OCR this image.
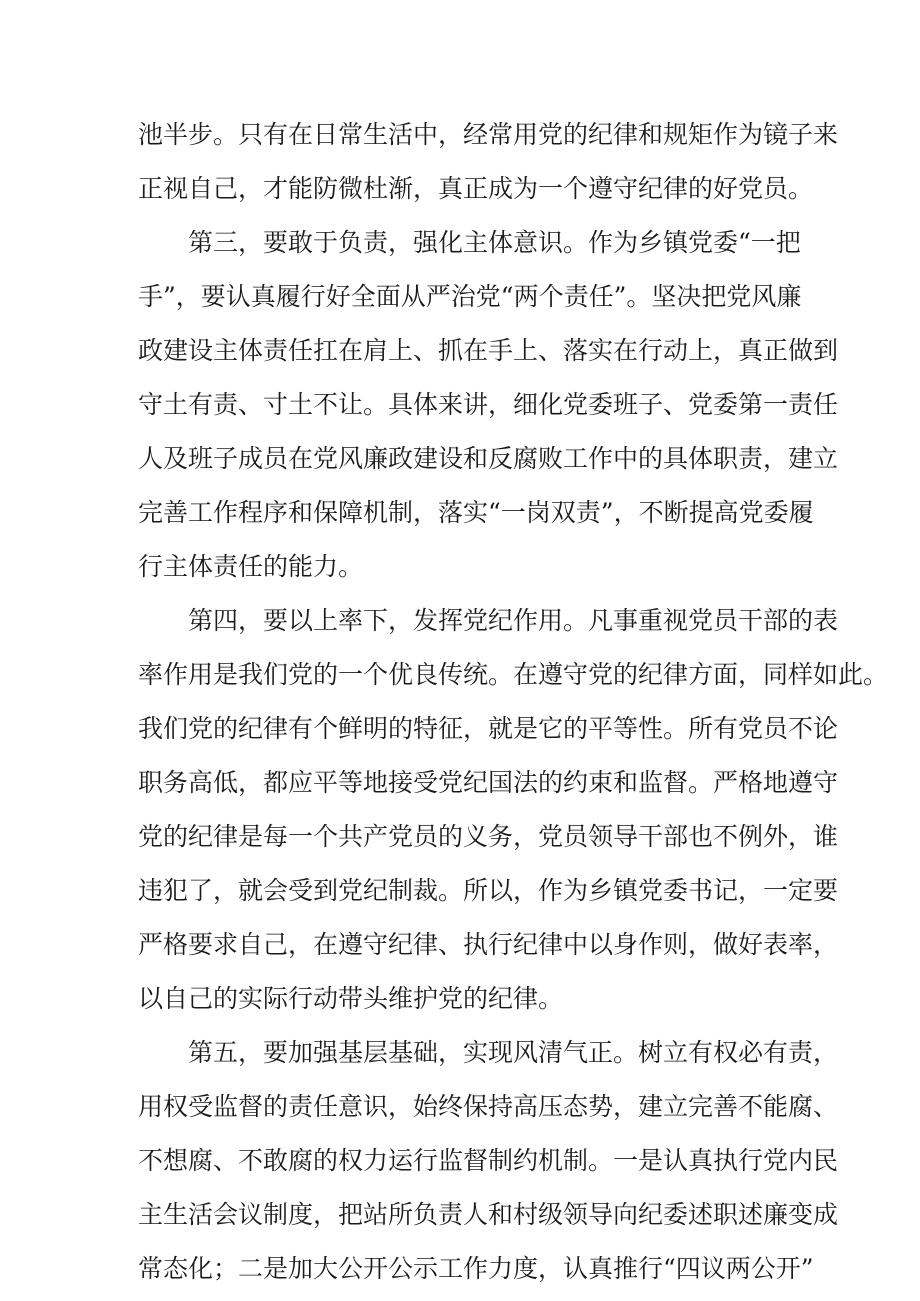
池半步。只有在日常生活中，经常用党的纪律和规矩作为镜子来
正视自己，才能防微杜渐，真正成为一个遵守纪律的好党员。
第三，要敢于负责，强化主体意识。作为乡镇党委“一把
手”，要认真履行好全面从严治党“两个责任”。坚决把党风廉
政建设主体责任扛在肩上、抓在手上、落实在行动上，真正做到
守土有责、寸土不让。具体来讲，细化党委班子、党委第一责任
人及班子成员在党风廉政建设和反腐败工作中的具体职责，建立
完善工作程序和保障机制，落实“一岗双责”，不断提高党委履
行主体责任的能力。
第四，要以上率下，发挥党纪作用。凡事重视党员干部的表
率作用是我们党的一个优良传统。在遵守党的纪律方面，同样如此。
我们党的纪律有个鲜明的特征，就是它的平等性。所有党员不论
职务高低，都应平等地接受党纪国法的约束和监督。严格地遵守
党的纪律是每一个共产党员的义务，党员领导干部也不例外，谁
违犯了，就会受到党纪制裁。所以，作为乡镇党委书记，一定要
严格要求自己，在遵守纪律、执行纪律中以身作则，做好表率，
以自己的实际行动带头维护党的纪律。
第五，要加强基层基础，实现风清气正。树立有权必有责，
用权受监督的责任意识，始终保持高压态势，建立完善不能腐、
不想腐、不敢腐的权力运行监督制约机制。一是认真执行党内民
主生活会议制度，把站所负责人和村级领导向纪委述职述廉变成
常态化；二是加大公开公示工作力度，认真推行“四议两公开”
